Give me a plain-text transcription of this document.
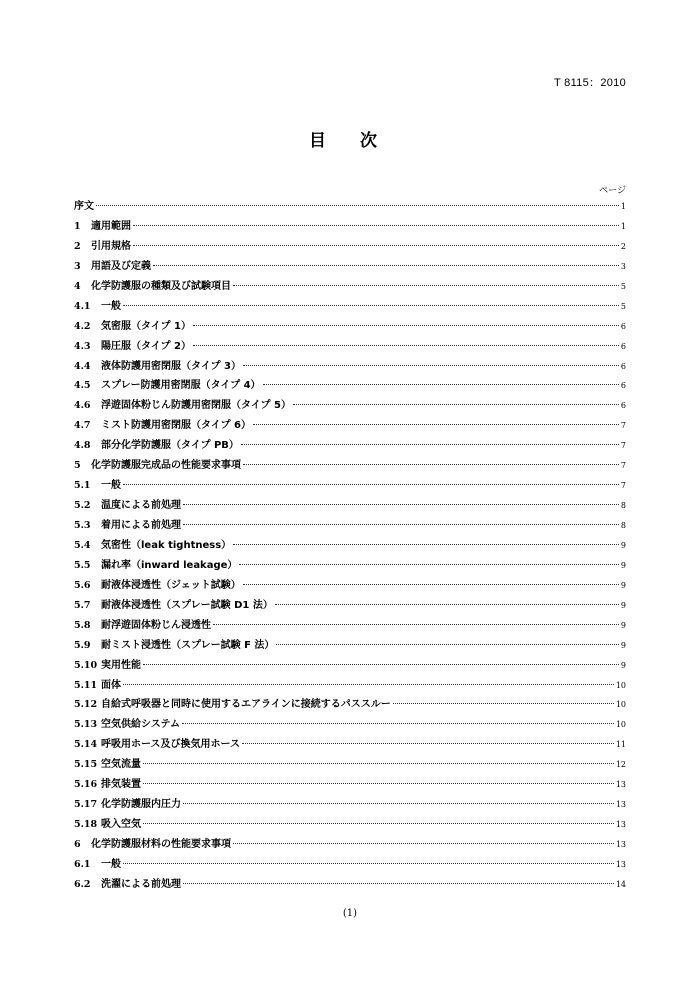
T 8115：2010
目 次
ページ
序文	1
1	適用範囲	1
2	引用規格	2
3	用語及び定義	3
4	化学防護服の種類及び試験項目	5
4.1	一般	5
4.2	気密服（タイプ 1）	6
4.3	陽圧服（タイプ 2）	6
4.4	液体防護用密閉服（タイプ 3）	6
4.5	スプレー防護用密閉服（タイプ 4）	6
4.6	浮遊固体粉じん防護用密閉服（タイプ 5）	6
4.7	ミスト防護用密閉服（タイプ 6）	7
4.8	部分化学防護服（タイプ PB）	7
5	化学防護服完成品の性能要求事項	7
5.1	一般	7
5.2	温度による前処理	8
5.3	着用による前処理	8
5.4	気密性（leak tightness）	9
5.5	漏れ率（inward leakage）	9
5.6	耐液体浸透性（ジェット試験）	9
5.7	耐液体浸透性（スプレー試験 D1 法）	9
5.8	耐浮遊固体粉じん浸透性	9
5.9	耐ミスト浸透性（スプレー試験 F 法）	9
5.10 実用性能	9
5.11 面体	10
5.12 自給式呼吸器と同時に使用するエアラインに接続するパススルー	10
5.13 空気供給システム	10
5.14 呼吸用ホース及び換気用ホース	11
5.15 空気流量	12
5.16 排気装置	13
5.17 化学防護服内圧力	13
5.18 吸入空気	13
6	化学防護服材料の性能要求事項	13
6.1	一般	13
6.2	洗濯による前処理	14
(1)
